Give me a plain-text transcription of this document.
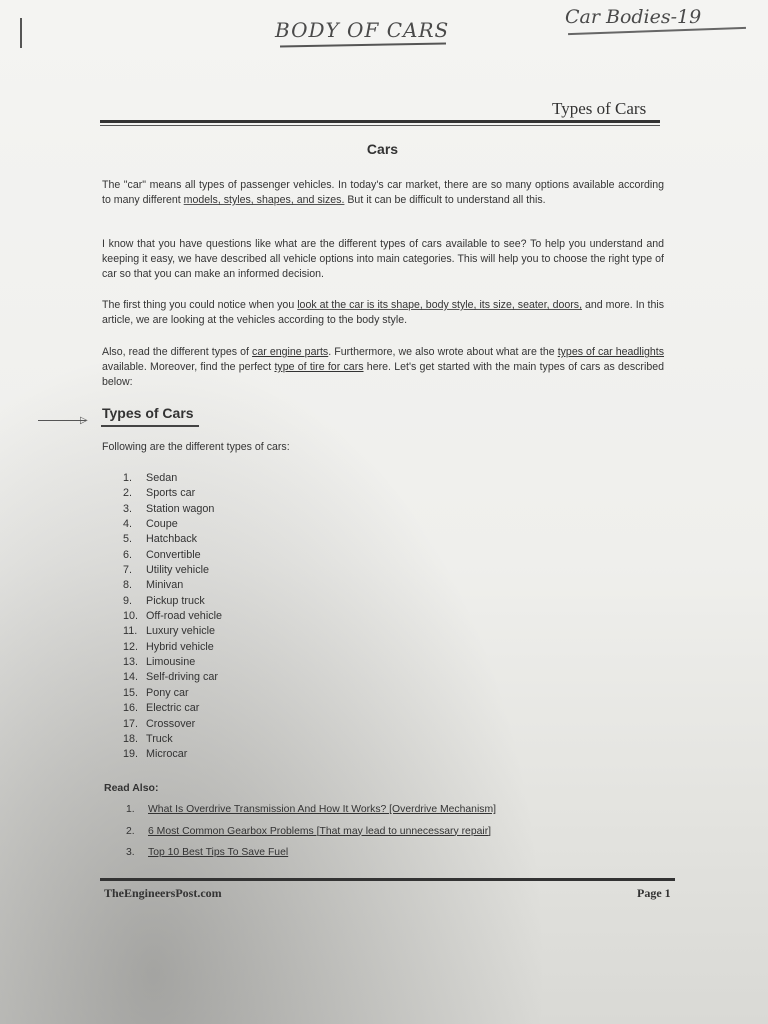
BODY OF CARS
Car Bodies-19
Types of Cars
Cars

The "car" means all types of passenger vehicles. In today's car market, there are so many options available according to many different models, styles, shapes, and sizes. But it can be difficult to understand all this.

I know that you have questions like what are the different types of cars available to see? To help you understand and keeping it easy, we have described all vehicle options into main categories. This will help you to choose the right type of car so that you can make an informed decision.

The first thing you could notice when you look at the car is its shape, body style, its size, seater, doors, and more. In this article, we are looking at the vehicles according to the body style.

Also, read the different types of car engine parts. Furthermore, we also wrote about what are the types of car headlights available. Moreover, find the perfect type of tire for cars here. Let's get started with the main types of cars as described below:

▷ Types of Cars
Following are the different types of cars:
1. Sedan
2. Sports car
3. Station wagon
4. Coupe
5. Hatchback
6. Convertible
7. Utility vehicle
8. Minivan
9. Pickup truck
10. Off-road vehicle
11. Luxury vehicle
12. Hybrid vehicle
13. Limousine
14. Self-driving car
15. Pony car
16. Electric car
17. Crossover
18. Truck
19. Microcar
Read Also:
1. What Is Overdrive Transmission And How It Works? [Overdrive Mechanism]
2. 6 Most Common Gearbox Problems [That may lead to unnecessary repair]
3. Top 10 Best Tips To Save Fuel
TheEngineersPost.com	Page 1
